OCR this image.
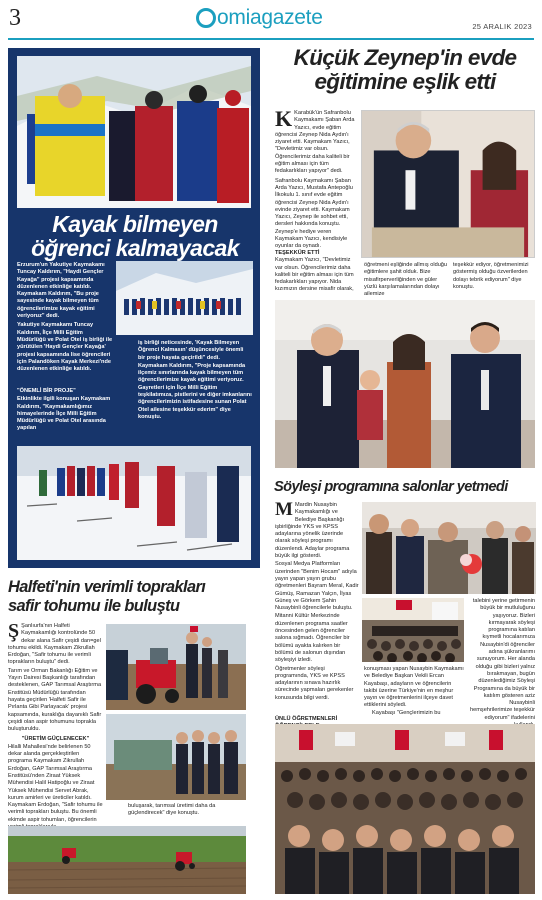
3	omiagazete	25 ARALIK 2023
Kayak bilmeyen
öğrenci kalmayacak

Erzurum'un Yakutiye Kaymakamı Tuncay Kaldırım, "Haydi Gençler Kayağa" projesi kapsamında düzenlenen etkinliğe katıldı. Kaymakam Kaldırım, "Bu proje sayesinde kayak bilmeyen tüm öğrencilerimize kayak eğitimi veriyoruz" dedi.

Yakutiye Kaymakamı Tuncay Kaldırım, İlçe Milli Eğitim Müdürlüğü ve Polat Otel iş birliği ile yürütülen 'Haydi Gençler Kayağa' projesi kapsamında lise öğrencileri için Palandöken Kayak Merkezi'nde düzenlenen etkinliğe katıldı.

"ÖNEMLİ BİR PROJE"

Etkinlikte ilgili konuşan Kaymakam Kaldırım, "Kaymakamlığımız himayelerinde İlçe Milli Eğitim Müdürlüğü ve Polat Otel arasında yapılan

iş birliği neticesinde, 'Kayak Bilmeyen Öğrenci Kalmasın' düşüncesiyle önemli bir proje hayata geçirildi" dedi.

Kaymakam Kaldırım, "Proje kapsamında ilçemiz sınırlarında kayak bilmeyen tüm öğrencilerimize kayak eğitimi veriyoruz. Gayretleri için İlçe Milli Eğitim teşkilatımıza, pistlerini ve diğer imkanlarını öğrencilerimizin istifadesine sunan Polat Otel ailesine teşekkür ederim" diye konuştu.

Küçük Zeynep'in evde
eğitimine eşlik etti

K Karabük'ün Safranbolu Kaymakamı Şaban Arda Yazıcı, evde eğitim öğrencisi Zeynep Nida Aydın'ı ziyaret etti. Kaymakam Yazıcı, "Devletimiz var olsun. Öğrencilerimiz daha kaliteli bir eğitim alması için tüm fedakarlıkları yapıyor" dedi.

Safranbolu Kaymakamı Şaban Arda Yazıcı, Mustafa Antepoğlu İlkokulu 1. sınıf evde eğitim öğrencisi Zeynep Nida Aydın'ı evinde ziyaret etti. Kaymakam Yazıcı, Zeynep ile sohbet etti, dersleri hakkında konuştu. Zeynep'e hediye veren Kaymakam Yazıcı, kendisiyle oyunlar da oynadı.

TEŞEKKÜR ETTİ

Kaymakam Yazıcı, "Devletimiz var olsun. Öğrencilerimiz daha kaliteli bir eğitim alması için tüm fedakarlıkları yapıyor. Nida kızımızın dersine misafir olarak,

öğretmeni eşliğinde allmış olduğu eğitimlere şahit olduk. Bize misafirperverliğinden ve güler yüzlü karşılamalarından dolayı ailemize

teşekkür ediyor, öğretmenimizi göstermiş olduğu özverilerden dolayı tebrik ediyorum" diye konuştu.

Söyleşi programına salonlar yetmedi

M Mardin Nusaybin Kaymakamlığı ve Belediye Başkanlığı işbirliğinde YKS ve KPSS adaylarına yönelik üzerinde olarak söyleşi programı düzenlendi. Adaylar programa büyük ilgi gösterdi.

Sosyal Medya Platformları üzerinden "Benim Hocam" adıyla yayın yapan yayın grubu öğretmenleri Bayram Meral, Kadir Gümüş, Ramazan Yalçın, İlyas Güneş ve Görkem Şahin Nusaybinli öğrencilerle buluştu.

Mitanni Kültür Merkezinde düzenlenen programa saatler öncesinden gelen öğrenciler salona sığmadı. Öğrenciler bir bölümü ayakta kalırken bir bölümü de salonun dışından söyleşiyi izledi.

Öğretmenler söyleşi programında, YKS ve KPSS adaylarının sınava hazırlık sürecinde yapmaları gerekenler konusunda bilgi verdi.

ÜNLÜ ÖĞRETMENLERİ

talebini yerine getirmenin büyük bir mutluluğunu yaşıyoruz. Bizleri kırmayarak söyleşi programına katılan kıymetli hocalarımıza Nusaybin'di öğrenciler adına şükranlarımı sunuyorum. Her alanda olduğu gibi bizleri yalnız bırakmayan, bugün düzenlediğimiz Söyleşi Programına da büyük bir katılım gösteren aziz Nusaybinli hemşehrilerimize teşekkür ediyorum" ifadelerini

konuşması yapan Nusaybin Kaymakamı ve Belediye Başkan Vekili Ercan Kayabaşı, adayların ve öğrencilerin takibi üzerine Türkiye'nin en meşhur yayın ve öğretmenlerini ilçeye davet ettiklerini söyledi.

Kayabaşı "Gençlerimizin bu

Halfeti'nin verimli toprakları
safir tohumu ile buluştu

Ş Şanlıurfa'nın Halfeti Kaymakamlığı kontrolünde 50 dekar alana Safir çeşidi dan=gel tohumu ekildi. Kaymakam Zikrullah Erdoğan, "Safir tohumu ile verimli toprakların buluştu" dedi.

Tarım ve Orman Bakanlığı Eğitim ve Yayın Dairesi Başkanlığı tarafından desteklenen, GAP Tarımsal Araştırma Enstitüsü Müdürlüğü tarafından hayata geçirilen 'Halfeti Safir ile Pırlanta Gibi Parlayacak' projesi kapsamında, kuraklığa dayanıklı Safir çeşidi olan aspir tohumunu toprakla buluşturuldu.

"ÜRETİM GÜÇLENECEK"

Hilalli Mahallesi'nde belirlenen 50 dekar alanda gerçekleştirilen programa Kaymakam Zikrullah Erdoğan, GAP Tarımsal Araştırma Enstitüsü'nden Ziraat Yüksek Mühendisi Halil Hatipoğlu ve Ziraat Yüksek Mühendisi Servet Abrak, kurum amirleri ve üreticiler katıldı. Kaymakam Erdoğan, "Safir tohumu ile verimli toprakları buluştu. Bu önemli ekimde aspir tohumları, öğrencilerin

buluşarak, tarımsal üretimi daha da güçlendirecek" diye konuştu.
